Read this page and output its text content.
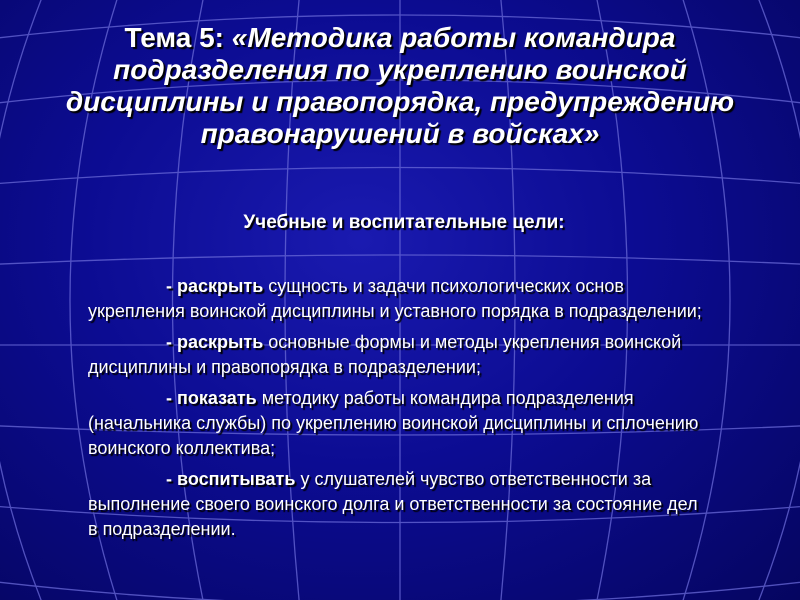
Тема 5: «Методика работы командира подразделения по укреплению воинской дисциплины и правопорядка, предупреждению правонарушений в войсках»
Учебные и воспитательные цели:
- раскрыть сущность и задачи психологических основ укрепления воинской дисциплины и уставного порядка в подразделении;
- раскрыть основные формы и методы укрепления воинской дисциплины и правопорядка в подразделении;
- показать методику работы командира подразделения (начальника службы) по укреплению воинской дисциплины и сплочению воинского коллектива;
- воспитывать у слушателей чувство ответственности за выполнение своего воинского долга и ответственности за состояние дел в подразделении.
